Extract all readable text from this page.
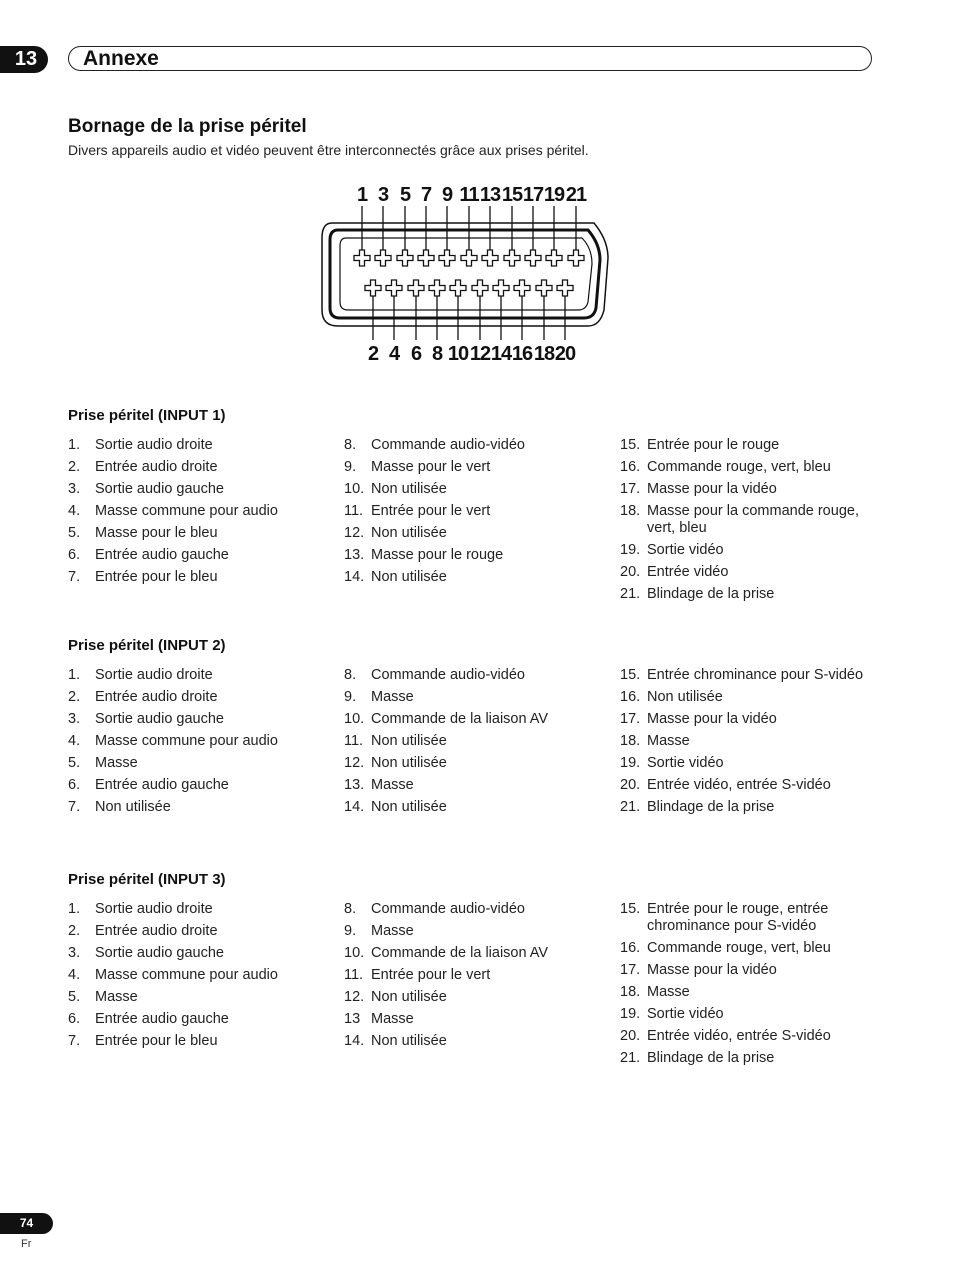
13	Annexe
Bornage de la prise péritel
Divers appareils audio et vidéo peuvent être interconnectés grâce aux prises péritel.
1 3 5 7 9 11 13 15 17 19 21
2 4 6 8 10 12 14 16 18 20
Prise péritel (INPUT 1)
1. Sortie audio droite
2. Entrée audio droite
3. Sortie audio gauche
4. Masse commune pour audio
5. Masse pour le bleu
6. Entrée audio gauche
7. Entrée pour le bleu
8. Commande audio-vidéo
9. Masse pour le vert
10. Non utilisée
11. Entrée pour le vert
12. Non utilisée
13. Masse pour le rouge
14. Non utilisée
15. Entrée pour le rouge
16. Commande rouge, vert, bleu
17. Masse pour la vidéo
18. Masse pour la commande rouge, vert, bleu
19. Sortie vidéo
20. Entrée vidéo
21. Blindage de la prise
Prise péritel (INPUT 2)
1. Sortie audio droite
2. Entrée audio droite
3. Sortie audio gauche
4. Masse commune pour audio
5. Masse
6. Entrée audio gauche
7. Non utilisée
8. Commande audio-vidéo
9. Masse
10. Commande de la liaison AV
11. Non utilisée
12. Non utilisée
13. Masse
14. Non utilisée
15. Entrée chrominance pour S-vidéo
16. Non utilisée
17. Masse pour la vidéo
18. Masse
19. Sortie vidéo
20. Entrée vidéo, entrée S-vidéo
21. Blindage de la prise
Prise péritel (INPUT 3)
1. Sortie audio droite
2. Entrée audio droite
3. Sortie audio gauche
4. Masse commune pour audio
5. Masse
6. Entrée audio gauche
7. Entrée pour le bleu
8. Commande audio-vidéo
9. Masse
10. Commande de la liaison AV
11. Entrée pour le vert
12. Non utilisée
13 Masse
14. Non utilisée
15. Entrée pour le rouge, entrée chrominance pour S-vidéo
16. Commande rouge, vert, bleu
17. Masse pour la vidéo
18. Masse
19. Sortie vidéo
20. Entrée vidéo, entrée S-vidéo
21. Blindage de la prise
74
Fr
